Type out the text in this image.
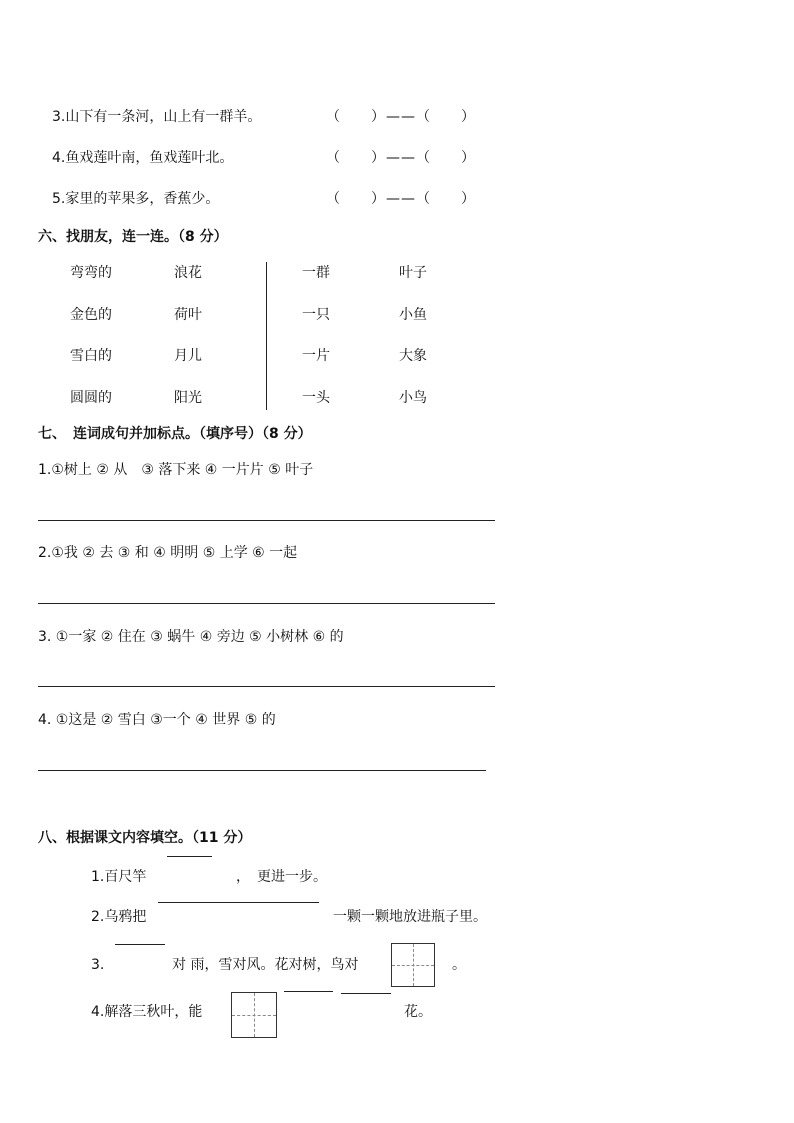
3.山下有一条河，山上有一群羊。	（　　）——（　　）
4.鱼戏莲叶南，鱼戏莲叶北。	（　　）——（　　）
5.家里的苹果多，香蕉少。	（　　）——（　　）
六、找朋友，连一连。（8 分）
弯弯的	浪花	一群	叶子
金色的	荷叶	一只	小鱼
雪白的	月儿	一片	大象
圆圆的	阳光	一头	小鸟
七、　连词成句并加标点。（填序号）（8 分）
1.①树上 ② 从　③ 落下来 ④ 一片片 ⑤ 叶子
2.①我 ② 去 ③ 和 ④ 明明 ⑤ 上学 ⑥ 一起
3. ①一家 ② 住在 ③ 蜗牛 ④ 旁边 ⑤ 小树林 ⑥ 的
4. ①这是 ② 雪白 ③一个 ④ 世界 ⑤ 的
八、根据课文内容填空。（11 分）
1.百尺竿	，　更进一步。
2.乌鸦把	一颗一颗地放进瓶子里。
3.	对 雨，雪对风。花对树，鸟对	。
4.解落三秋叶，能	花。
